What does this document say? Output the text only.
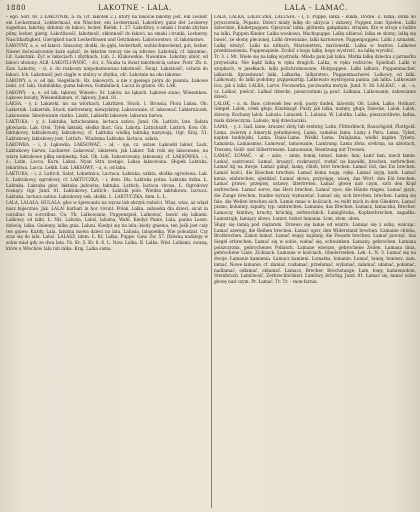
1880	LAKOTNE - LALA.	LALA - LAMAĆ.

– ego. Sołt. nv. 2 ŁAKOTNIK, a. m. (cf. łakotek 2.), który na łakocie łakomy jest, ein Lecker, ein Leckermaul, Lekkermaul, ein Näscher, ein Leckermaul. Łakotliwy ganz der Leckerey zugethan, łakotny, skłonny do łakoci, lecker. Bielsk. 1. 27. Łakotliwy, o smaki i trunki zbytnie pilny, lecker, gierig. Łakotliwość, łakotność, skłonność do łakoci, na smaki i trunki, Leckerey, Naschhaftigkeit, Gierigkeit nach Leckerbissen und Getränken. Łakotowstwo, cf. łakomstwo.

ŁAKOTNY, a, e, od łakoci. Smaczny, słodki, do gębi, leckerhaft, wohlschmeckend, gut, lecker. Nawet doświadczenie każe sądzić, że łakotne rzeczy nie są zdrowe. Łakotnik, cf. łakomiec. Lit. Łakotnik. Żyć w łakociach i zbytkach; Lub. 2. Klukowskie, Nawalnie. Łakotny ubiór, od łakoci ułożony. ALB. ŁAKOTLI-WOŚĆ, - ści, ż. Nauka ta świat łakotnością ustaw. Piotr. Zb. n. Zaw. Łakotny, – ci, ż. do rozkoszy niepohamowana łakotność. Świąt. Łakotność, ochota do łakoci. Ich. Łakotność jest ciągle w stolicy w zbytku, ofc. Łakotnie na oko łakome.

ŁAKOWY, a, e, od łak. Siegellack-, Rz. łakowych, a nie z gęsiego pióra do pisania. Łakowe laski. (cf. lak). Gumilakka, guma łakowa, Gummilack, Lacca in granis. Ob. LAK.

ŁAKOWY, - a, e, od łak, łąkowy, Wiesen-; Sr. Laków, na łąkach. Łąkowe siano, Wiesenheu. Łąkowe kwiaty, Wiesenblumen, cf. łąkowy. Jund. 81.

LAKSA, - y, ż. Lakierki, nic na wiórkach, Lakritzen. Stuck. 1. Brossia, Flora Laksa. Ob. Lakiernik. Lakiernik. Stuck, nieforemny, niewydatny. Laksowanie, cf. laksować. Lakierniczek, Lakowanie. Smołowanie statku. Liszki, Lakierki laksowe, laksowa barwa.

LAKTUKA, - y, ż. Łaktuka, lattichsamen, lactuca sativa. Jund. Ob. Lattich, lato. Sałata głowiasta. Lak. Orol. Tyłek laktuki, słodko fluct. Gra. Lakota. Lattichsaft, Lattich. Kow. Ob. łaktukowy, łaktukowaty, łaktukowy, cf. Łaktuka wielką laktuką nazywają. Ogr. Kraj. 51. Łaktukowy, laktukowy jest, Lattich-. Wiadoma Łaktuka: lactuca, sałata.

ŁAKOWKA, – i, ż. Łąkowka. LAKSOWAĆ, – ał, – uje, cz. ustaw. Łąkowki lakier, Lack, Łaktukowy barwa, Lackierer. Laksować, lakierem, jak Lakier. Tak robi się laksowane, na wiarę laktukowe piłką niebieską. Suk. Ob. Lak. Łaksorowany, lakowany, cf. LAKSÓWKA, – i, ż.; Latin, Lacca. Kurn. Laksa. Nyan Stru zostaje, Laksa łaksowana. Słupek Laktuka, lekarstwa, Lacca. Lektk. Lak. LAKSOWY, – a, e, od łaku.

LAKTUKA, – i, ż. Lattich, Salat, Łokietnica, Lactuca. Łaktuka, sałata, słodka ogrodowa. Lak. Ł. Łaktukowy, ogrodowy, cf. LAKTUCZKA, – i, dem. Dla. Łaktuka polna. Łaktuka dzika. Ł. Łaktuka. Łaktuka giez, łaktuka jadowita, łaktuka. Lattich, lactuca virosa. Ł. Ogrodowy rosnący. Ogr. Jund. 81. Łaktukowy. Lattich-. Łaktuki pole. Wiedza łaktukowa, lactuca. Łaktuka, lactuca sativa. Łaktukowy sok, słodki. L. LAKTUCZKA, dem. Ł. Ł.

LALA, LALAŁA, HULALA, głos w śpiewaniu na wyraz lub okrzyk radości. Wlaz, wlaz, aż wlazł nasz bajecznie. Jak. LALA! barbari in hoc vivunt. Polak. Lalka, zabawka dla dzieci, sicut in carnibus in sororibus. Cn. Th. Lalkowanie, Puppenspiel. Lalkować, bawić się lalkami. Lalkowy, od lalki. Ł. Niż. Lalusia, Laluś, laluśna, Wahl. Kiedyż Panie, Lala, panna Lasze, dziecię, lalka. Gnienny, lalka gnia. Laluni. Kiedyż się na lalu; kiedy gniewa, ten Jeśli jest cały ten gniew. Każdy. Lala, laluśna mowa dzieci na lalu. Lalusia, lalusieńka. Wie pobudzał. Czy zraz się do lalu. Laluś. LALASZ, ldem. Ł. Kr. Lalka, Puppe. Gaw. Żw. 57. Dziwną nadzieję w sobie miał gdy ze dwa lata. Fz. Kr. 5. Kr. 6. 6. L. Naw. Lalka. B. Lalka. Wiel. Lalkami, zwaną, które u Włochów lalu lub lalka. Kraj. Lalka sama.

LALA, LALKA, LALECZKA, LALUSIA, – i, ż. Puppe, łalka – kukła, Docke. Z. łatka; łatka do pryszczenia, Popanz. Dzieci miały łalkę do ukrycia i zabawy, Puppen zum Spielen. Lalki dziecinne, Kinderpuppen. Opisywać lalka, płótnem, gałązkami, strojem. Kto w stroju o ludzie na lalki, Puppen Kinder. Lalka woskowa, Wachspuppe. Lalkę ubierać; lalka ze słomy; lalką się bawić, ze słomy plecionej. Lalki drewniane, lalki kartonowe, Pappenpuppen. Lalki z szmatek. Lalkę włożyć. Lalki na nitkach, Marionetten, marionetki. Lalka w teatrze. Lalkowe przedstawienia, Puppenspiele. Zrobić z kogo lalkę, kogo wystroić, na lalkę wyrobić.

Tr. 3. i. Mt. Wiele się na łalkę wystroiła. Młoda pani jak lalka. Matka lalkę dziecku z jarmarku przywiozła. Nie bądź lalką w ręku drugich. Lalka, w ręku rodziców, Spielball. Lalki w szopkach, w jasełkach; lalki polichromowane, Holzpuppen. Lalki lalkarz, Puppenmacher, lalkarski. Sprzedawać lalki. Lalkarka, lalkarstwo, Puppenmacherei. Lalkowy, od lalki. Lalkowaty, do lalki podobny, puppenartig. Lalkowato wystrojona panna, jak lalka. Lalkowate lica, jak u lalki. LALKA, Larve. Poczwarka, poczwarka motyla. Jund. 8. 36. ŁALKAĆ, – ał, – a, cz. Lalkać, pieścić. Lalkać dziecko, pieszczotami ją psuć. Łalkana. Lalkowanie, zabawianie dzieci.

LALOK, – a, m. Baw, człowiek bez woli, pusty dudek, lalowaty. Ob. Lalek. Lalko, Hofnarr, Gimpel. Lalek, człek głupi, Kindskopf. Pusty jak lalka, nadęty, głupi; Dziecko, Lalok. Lalok, dziecię. Kochany lalok. Lalusia. Lalusiek. L. Lalusia. W. Lalutka. Lalka, pieszczotliwie, ładna, mała dziewczyna. Lalusio, mój dzieciaczku.

ŁAMA, – y, ż. Gall. lame, kruszec złoty lub srebrny, Lahn, Flitterblech, Rauschgold, Plattgold. Łama, zwierzę z Ameryki południowej, Lama, camelus lama. Łamy z Peru. Łama. Tybet, kapłan buddejski, Lama, Dalai-Lama. Wielki Łama. Dalajlama, wielki kapłan Tybetu. Łamaista, Lamaismus. Łamować, łamowanie, Lamirung. Łama złota, srebrna, na ubiorach, Tressen, Gold- und Silbertressen. Łamowanie, Besetzung mit Tressen.

ŁAMAĆ, ŁOMAĆ, – ał, – anie, – amie, łomię, łomać, łamie, łam; Łam! łam, niech łamie. Łamać, szatrować. Łamać, kruszyć, rozkruszyć, rozbić na kawałki, brechen, zerbrechen. Łamać kij na dwoje. Łamać gałąź, laskę, chleb, brot brechen. Łamać lód, das Eis brechen. Łamać kości, die Knochen brechen. Łamać komu nogę, rękę. Łamać szyję, kark. Łamać konia, einbrechen, ujeżdżać. Łamać słowo, przysięgę, wiarę, das Wort, den Eid brechen. Łamać prawo, przepisy, ustawy, übertreten. Łamać głowę nad czym, sich den Kopf zerbrechen. Łamać serce, das Herz brechen. Łamać ręce, die Hände ringen. Łamać język, die Zunge brechen, trudne wyrazy wymawiać. Łamać się, sich brechen, brechen. Łamią się fale, die Wellen brechen sich. Łamie mnie w kościach, es reißt mich in den Gliedern. Łamać pismo, kolumny, szpalty, typ. umbrechen. Łamanie, das Brechen. Łamacz, łamaczka, Brecher. Łamaczy, łamliwy, kruchy, brüchig, zerbrechlich. Łamigłówka, Kopfzerbrechen, zagadka. Łamistrajk, łamiący słowo. Łomot, łoskot łamania. Łom, złom, ułom.

Słupy się łamią pod ciężarem. Drzewo się łamie od wiatru. Łamiąc się z sobą, walcząc. Łamać szeregi, die Reihen brechen. Łamać opór, den Widerstand brechen. Łamanie chleba, Brotbrechen. Zakon łamać. Łamać więzy, kajdany, die Fesseln brechen. Łamać pieczęć, das Siegel erbrechen. Łamać się w sobie, wahać się, schwanken. Łamany, gebrochen. Łamana polszczyzna, gebrochenes Polnisch. Łamane wiersze, gebrochene Zeilen. Łamana linia, gebrochene Linie, Zickzack. Łamanie w kościach, Gliederreißen. Lek. Ł. N. 3. Łamać się na dwoje. Łamanie kamienia. Łamacz kamieni. Łomatka, łomanie. Łomać, łomię, łomiesz, zam. łamać. Nowe łamanie, cf. złamać, rozłamać, przełamać, wyłamać, załamać, ułamać, połamać, nadłamać, odłamać, obłamać. Łamacz, Brecher, Brechstange. Łam, łomy, kamieniołom, Steinbruch. Łamliwość, Zerbrechlichkeit. Łamliwy, brüchig. Jund. 81. Łamać się, łamać sobie głowę nad czym. Pr. Łamać. Tr. Tr. – mon-farnia.
